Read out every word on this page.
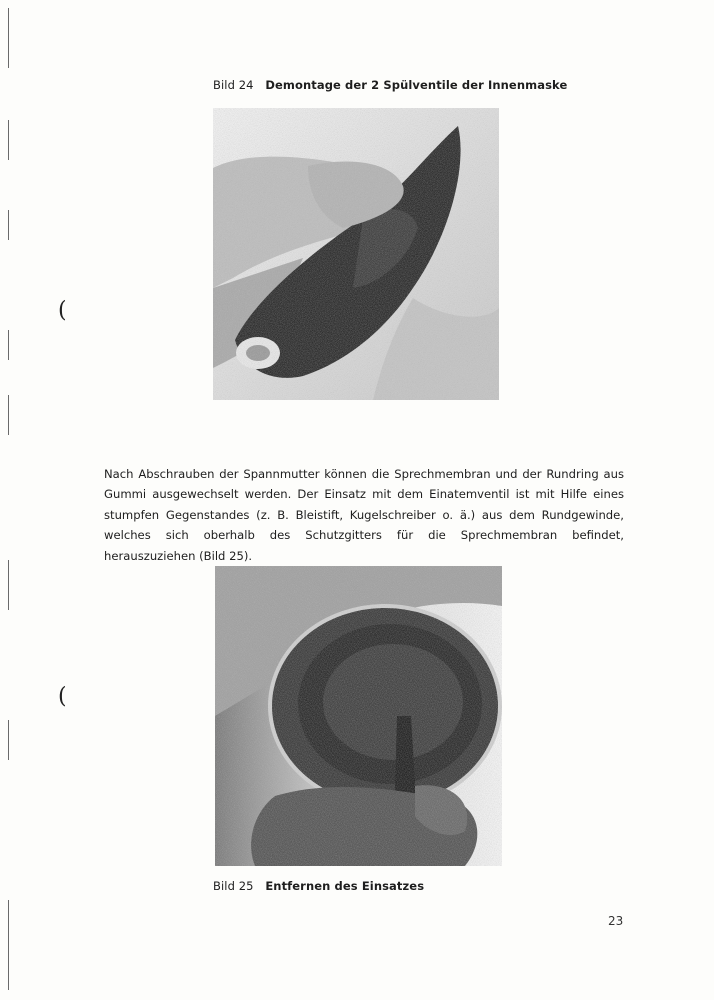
(
(
Bild 24 Demontage der 2 Spülventile der Innenmaske

Nach Abschrauben der Spannmutter können die Sprechmembran und der Rundring aus Gummi ausgewechselt werden. Der Einsatz mit dem Einatemventil ist mit Hilfe eines stumpfen Gegenstandes (z. B. Bleistift, Kugelschreiber o. ä.) aus dem Rundgewinde, welches sich oberhalb des Schutzgitters für die Sprechmembran befindet, herauszuziehen (Bild 25).

Bild 25 Entfernen des Einsatzes
23
